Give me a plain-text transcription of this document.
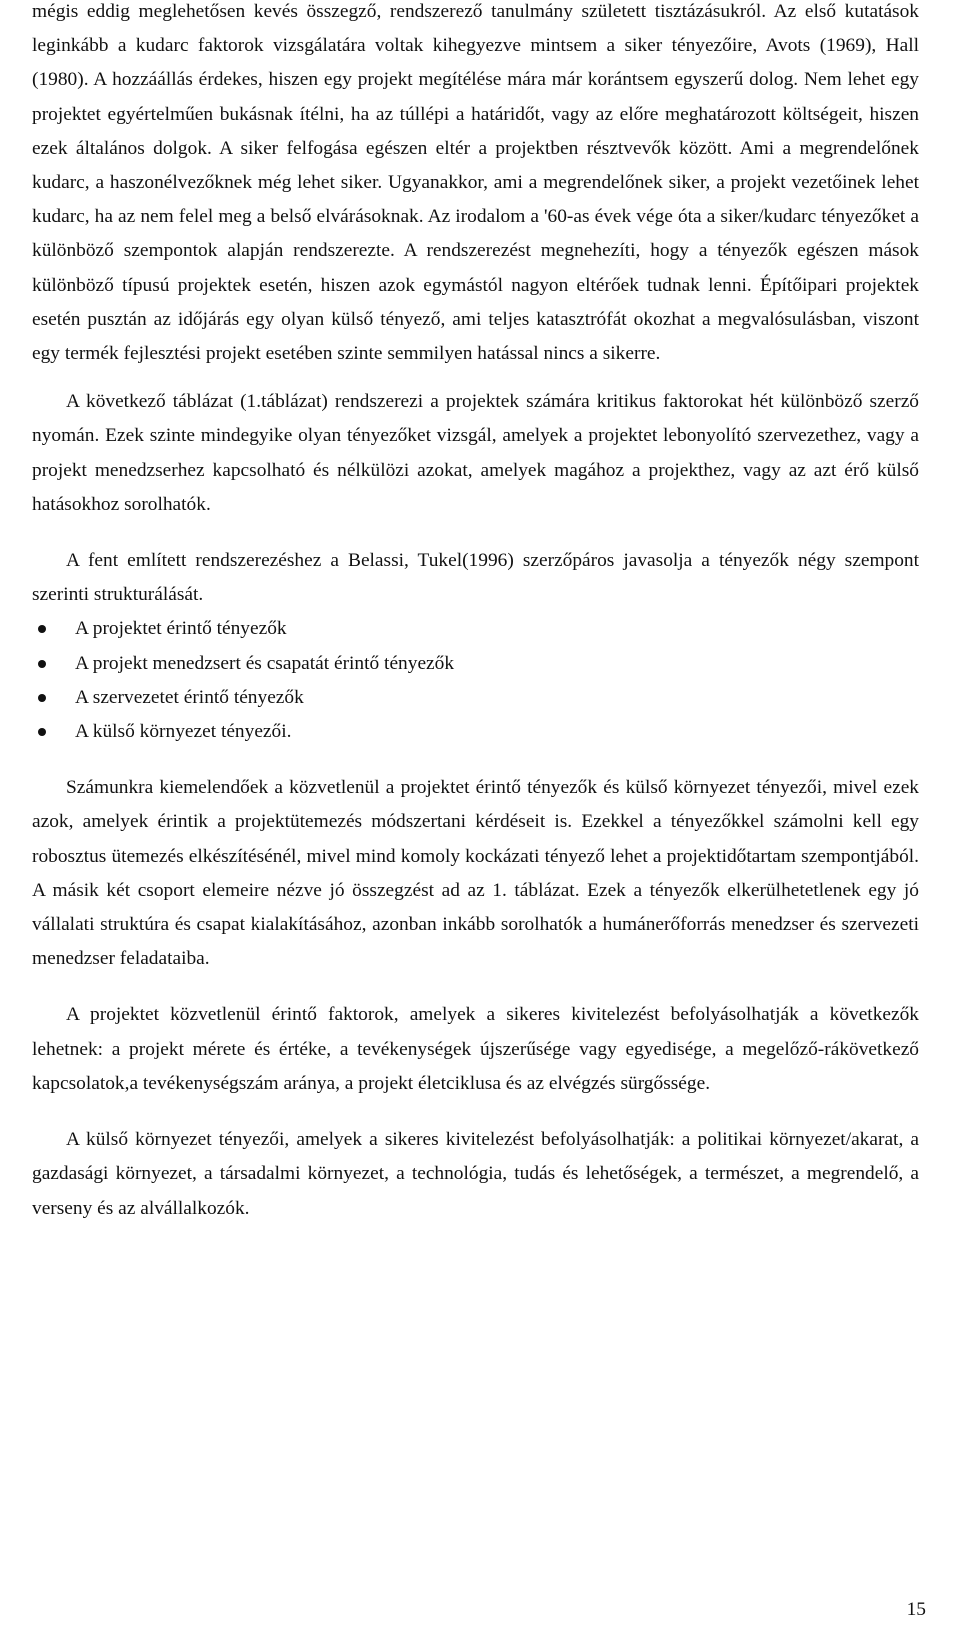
mégis eddig meglehetősen kevés összegző, rendszerező tanulmány született tisztázásukról. Az első kutatások leginkább a kudarc faktorok vizsgálatára voltak kihegyezve mintsem a siker tényezőire, Avots (1969), Hall (1980). A hozzáállás érdekes, hiszen egy projekt megítélése mára már korántsem egyszerű dolog. Nem lehet egy projektet egyértelműen bukásnak ítélni, ha az túllépi a határidőt, vagy az előre meghatározott költségeit, hiszen ezek általános dolgok. A siker felfogása egészen eltér a projektben résztvevők között. Ami a megrendelőnek kudarc, a haszonélvezőknek még lehet siker. Ugyanakkor, ami a megrendelőnek siker, a projekt vezetőinek lehet kudarc, ha az nem felel meg a belső elvárásoknak. Az irodalom a '60-as évek vége óta a siker/kudarc tényezőket a különböző szempontok alapján rendszerezte. A rendszerezést megnehezíti, hogy a tényezők egészen mások különböző típusú projektek esetén, hiszen azok egymástól nagyon eltérőek tudnak lenni. Építőipari projektek esetén pusztán az időjárás egy olyan külső tényező, ami teljes katasztrófát okozhat a megvalósulásban, viszont egy termék fejlesztési projekt esetében szinte semmilyen hatással nincs a sikerre.

A következő táblázat (1.táblázat) rendszerezi a projektek számára kritikus faktorokat hét különböző szerző nyomán. Ezek szinte mindegyike olyan tényezőket vizsgál, amelyek a projektet lebonyolító szervezethez, vagy a projekt menedzserhez kapcsolható és nélkülözi azokat, amelyek magához a projekthez, vagy az azt érő külső hatásokhoz sorolhatók.

A fent említett rendszerezéshez a Belassi, Tukel(1996) szerzőpáros javasolja a tényezők négy szempont szerinti strukturálását.

A projektet érintő tényezők
A projekt menedzsert és csapatát érintő tényezők
A szervezetet érintő tényezők
A külső környezet tényezői.

Számunkra kiemelendőek a közvetlenül a projektet érintő tényezők és külső környezet tényezői, mivel ezek azok, amelyek érintik a projektütemezés módszertani kérdéseit is. Ezekkel a tényezőkkel számolni kell egy robosztus ütemezés elkészítésénél, mivel mind komoly kockázati tényező lehet a projektidőtartam szempontjából. A másik két csoport elemeire nézve jó összegzést ad az 1. táblázat. Ezek a tényezők elkerülhetetlenek egy jó vállalati struktúra és csapat kialakításához, azonban inkább sorolhatók a humánerőforrás menedzser és szervezeti menedzser feladataiba.

A projektet közvetlenül érintő faktorok, amelyek a sikeres kivitelezést befolyásolhatják a következők lehetnek: a projekt mérete és értéke, a tevékenységek újszerűsége vagy egyedisége, a megelőző-rákövetkező kapcsolatok,a tevékenységszám aránya, a projekt életciklusa és az elvégzés sürgőssége.

A külső környezet tényezői, amelyek a sikeres kivitelezést befolyásolhatják: a politikai környezet/akarat, a gazdasági környezet, a társadalmi környezet, a technológia, tudás és lehetőségek, a természet, a megrendelő, a verseny és az alvállalkozók.

15
